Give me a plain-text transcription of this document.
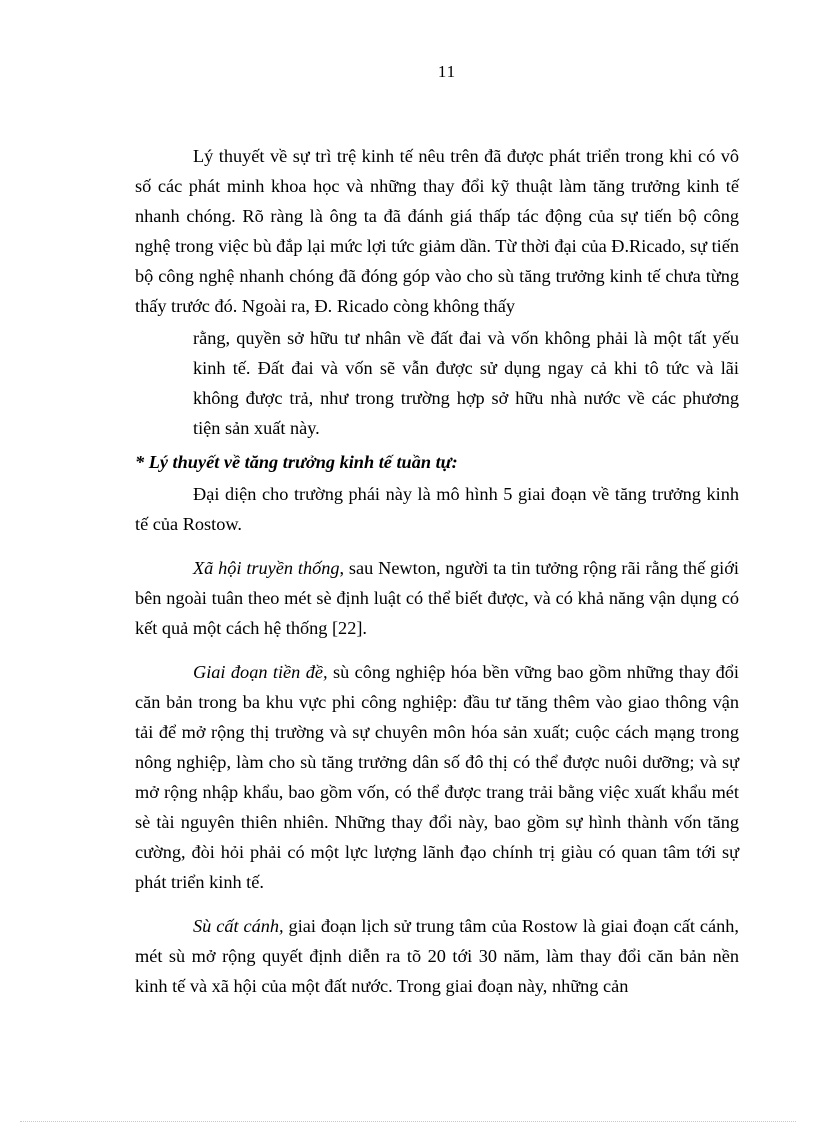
11

Lý thuyết về sự trì trệ kinh tế nêu trên đã được phát triển trong khi có vô số các phát minh khoa học và những thay đổi kỹ thuật làm tăng trưởng kinh tế nhanh chóng. Rõ ràng là ông ta đã đánh giá thấp tác động của sự tiến bộ công nghệ trong việc bù đắp lại mức lợi tức giảm dần. Từ thời đại của Đ.Ricado, sự tiến bộ công nghệ nhanh chóng đã đóng góp vào cho sù tăng trưởng kinh tế chưa từng thấy trước đó. Ngoài ra, Đ. Ricado còng không thấy

rằng, quyền sở hữu tư nhân về đất đai và vốn không phải là một tất yếu kinh tế. Đất đai và vốn sẽ vẫn được sử dụng ngay cả khi tô tức và lãi không được trả, như trong trường hợp sở hữu nhà nước về các phương tiện sản xuất này.

* Lý thuyết về tăng trưởng kinh tế tuần tự:

Đại diện cho trường phái này là mô hình 5 giai đoạn về tăng trưởng kinh tế của Rostow.

Xã hội truyền thống, sau Newton, người ta tin tưởng rộng rãi rằng thế giới bên ngoài tuân theo mét sè định luật có thể biết được, và có khả năng vận dụng có kết quả một cách hệ thống [22].

Giai đoạn tiền đề, sù công nghiệp hóa bền vững bao gồm những thay đổi căn bản trong ba khu vực phi công nghiệp: đầu tư tăng thêm vào giao thông vận tải để mở rộng thị trường và sự chuyên môn hóa sản xuất; cuộc cách mạng trong nông nghiệp, làm cho sù tăng trưởng dân số đô thị có thể được nuôi dưỡng; và sự mở rộng nhập khẩu, bao gồm vốn, có thể được trang trải bằng việc xuất khẩu mét sè tài nguyên thiên nhiên. Những thay đổi này, bao gồm sự hình thành vốn tăng cường, đòi hỏi phải có một lực lượng lãnh đạo chính trị giàu có quan tâm tới sự phát triển kinh tế.

Sù cất cánh, giai đoạn lịch sử trung tâm của Rostow là giai đoạn cất cánh, mét sù mở rộng quyết định diễn ra tõ 20 tới 30 năm, làm thay đổi căn bản nền kinh tế và xã hội của một đất nước. Trong giai đoạn này, những cản
